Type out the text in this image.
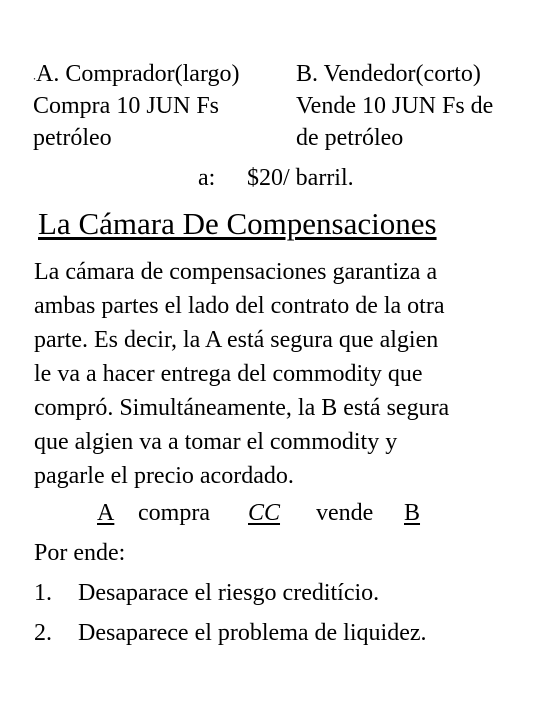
.A. Comprador(largo)
Compra 10 JUN Fs
petróleo
B. Vendedor(corto)
Vende 10 JUN Fs de
de petróleo
a: $20/ barril.
La Cámara De Compensaciones
La cámara de compensaciones garantiza a
ambas partes el lado del contrato de la otra
parte. Es decir, la A está segura que algien
le va a hacer entrega del commodity que
compró. Simultáneamente, la B está segura
que algien va a tomar el commodity y
pagarle el precio acordado.
A compra CC vende B
Por ende:
1. Desaparace el riesgo creditício.
2. Desaparece el problema de liquidez.
